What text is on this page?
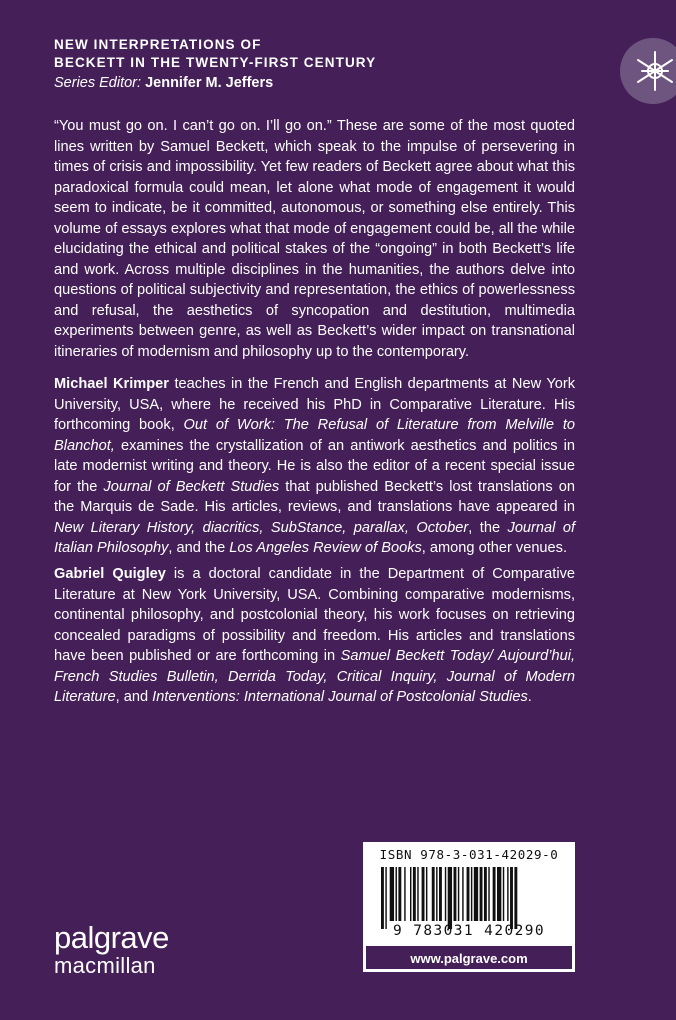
NEW INTERPRETATIONS OF

BECKETT IN THE TWENTY-FIRST CENTURY

Series Editor: Jennifer M. Jeffers

“You must go on. I can’t go on. I’ll go on.” These are some of the most quoted lines written by Samuel Beckett, which speak to the impulse of persevering in times of crisis and impossibility. Yet few readers of Beckett agree about what this paradoxical formula could mean, let alone what mode of engagement it would seem to indicate, be it committed, autonomous, or something else entirely. This volume of essays explores what that mode of engagement could be, all the while elucidating the ethical and political stakes of the “ongoing” in both Beckett’s life and work. Across multiple disciplines in the humanities, the authors delve into questions of political subjectivity and representation, the ethics of powerlessness and refusal, the aesthetics of syncopation and destitution, multimedia experiments between genre, as well as Beckett’s wider impact on transnational itineraries of modernism and philosophy up to the contemporary.

Michael Krimper teaches in the French and English departments at New York University, USA, where he received his PhD in Comparative Literature. His forthcoming book, Out of Work: The Refusal of Literature from Melville to Blanchot, examines the crystallization of an antiwork aesthetics and politics in late modernist writing and theory. He is also the editor of a recent special issue for the Journal of Beckett Studies that published Beckett’s lost translations on the Marquis de Sade. His articles, reviews, and translations have appeared in New Literary History, diacritics, SubStance, parallax, October, the Journal of Italian Philosophy, and the Los Angeles Review of Books, among other venues.

Gabriel Quigley is a doctoral candidate in the Department of Comparative Literature at New York University, USA. Combining comparative modernisms, continental philosophy, and postcolonial theory, his work focuses on retrieving concealed paradigms of possibility and freedom. His articles and translations have been published or are forthcoming in Samuel Beckett Today/ Aujourd’hui, French Studies Bulletin, Derrida Today, Critical Inquiry, Journal of Modern Literature, and Interventions: International Journal of Postcolonial Studies.

ISBN 978-3-031-42029-0
9 783031 420290
www.palgrave.com
palgrave
macmillan
